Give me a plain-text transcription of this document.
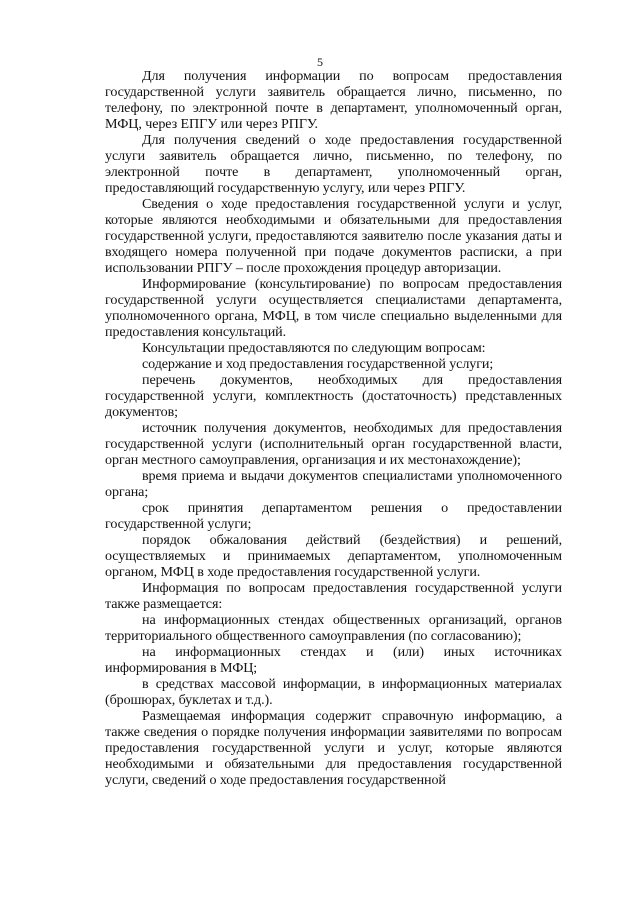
5

Для получения информации по вопросам предоставления государственной услуги заявитель обращается лично, письменно, по телефону, по электронной почте в департамент, уполномоченный орган, МФЦ, через ЕПГУ или через РПГУ.

Для получения сведений о ходе предоставления государственной услуги заявитель обращается лично, письменно, по телефону, по электронной почте в департамент, уполномоченный орган, предоставляющий государственную услугу, или через РПГУ.

Сведения о ходе предоставления государственной услуги и услуг, которые являются необходимыми и обязательными для предоставления государственной услуги, предоставляются заявителю после указания даты и входящего номера полученной при подаче документов расписки, а при использовании РПГУ – после прохождения процедур авторизации.

Информирование (консультирование) по вопросам предоставления государственной услуги осуществляется специалистами департамента, уполномоченного органа, МФЦ, в том числе специально выделенными для предоставления консультаций.

Консультации предоставляются по следующим вопросам:

содержание и ход предоставления государственной услуги;

перечень документов, необходимых для предоставления государственной услуги, комплектность (достаточность) представленных документов;

источник получения документов, необходимых для предоставления государственной услуги (исполнительный орган государственной власти, орган местного самоуправления, организация и их местонахождение);

время приема и выдачи документов специалистами уполномоченного органа;

срок принятия департаментом решения о предоставлении государственной услуги;

порядок обжалования действий (бездействия) и решений, осуществляемых и принимаемых департаментом, уполномоченным органом, МФЦ в ходе предоставления государственной услуги.

Информация по вопросам предоставления государственной услуги также размещается:

на информационных стендах общественных организаций, органов территориального общественного самоуправления (по согласованию);

на информационных стендах и (или) иных источниках информирования в МФЦ;

в средствах массовой информации, в информационных материалах (брошюрах, буклетах и т.д.).

Размещаемая информация содержит справочную информацию, а также сведения о порядке получения информации заявителями по вопросам предоставления государственной услуги и услуг, которые являются необходимыми и обязательными для предоставления государственной услуги, сведений о ходе предоставления государственной
